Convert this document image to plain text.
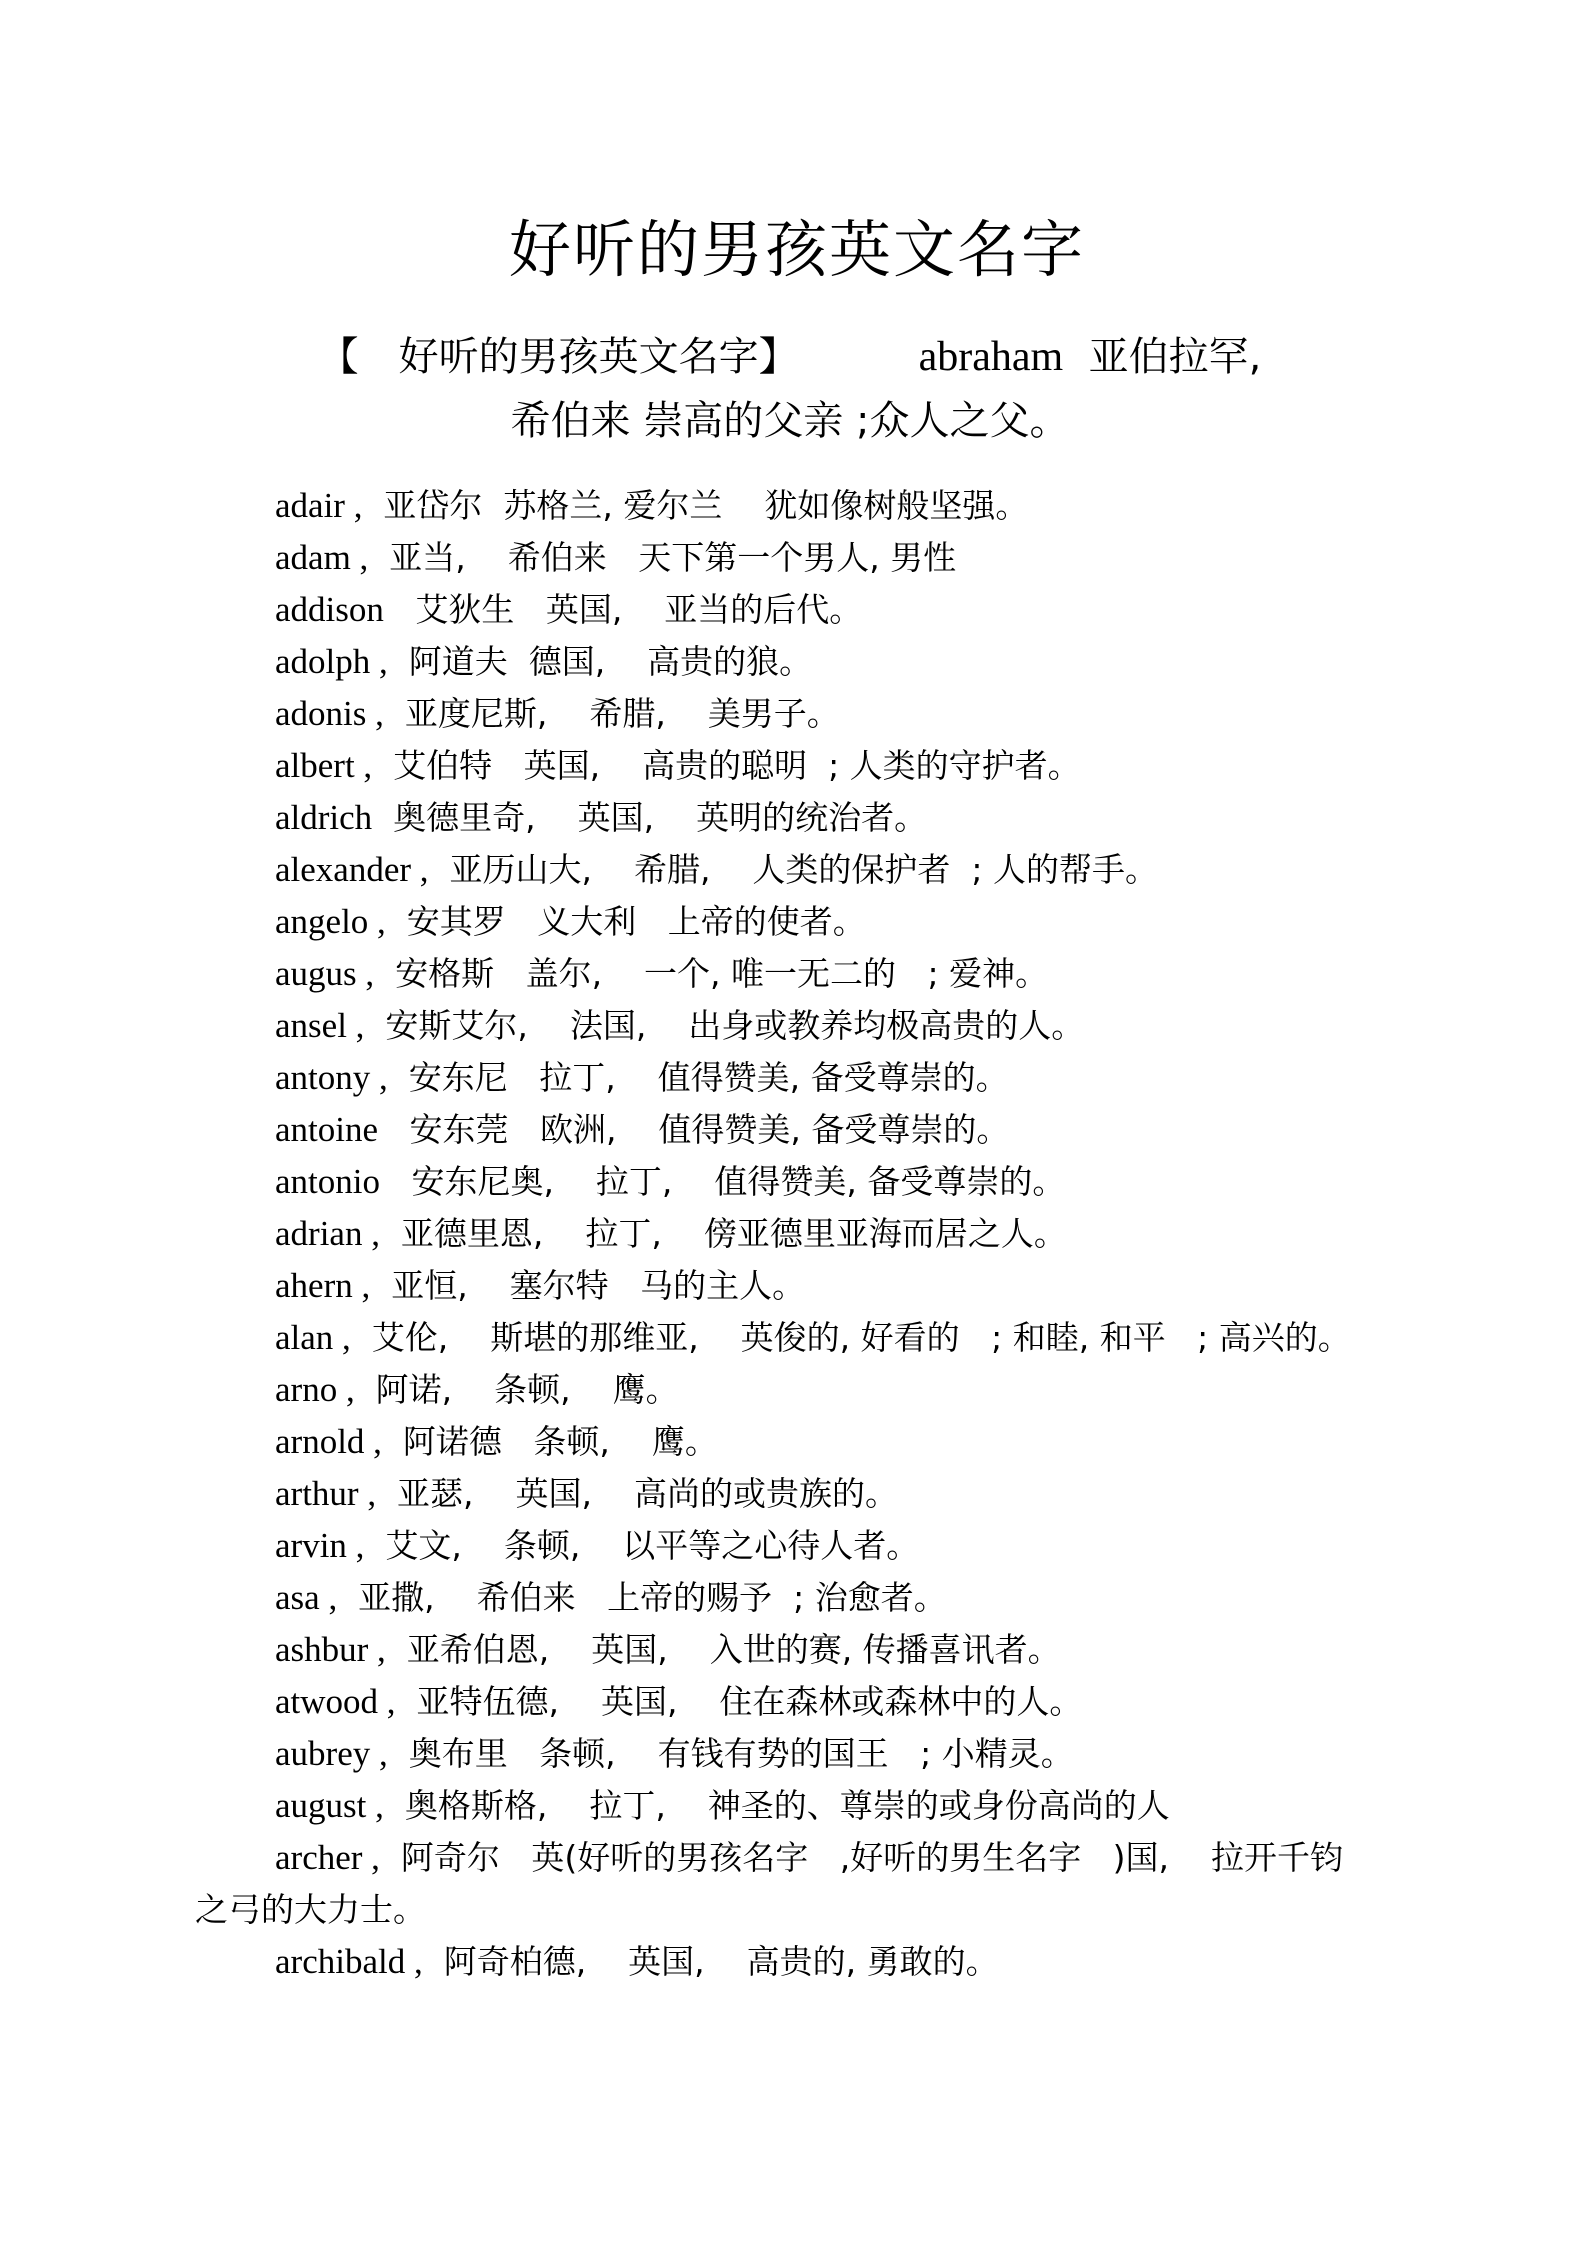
好听的男孩英文名字
【 好听的男孩英文名字】	abraham 亚伯拉罕,
希伯来 崇高的父亲 ;众人之父。
adair ,  亚岱尔  苏格兰, 爱尔兰    犹如像树般坚强。
adam ,  亚当,    希伯来   天下第一个男人, 男性
addison   艾狄生   英国,    亚当的后代。
adolph ,  阿道夫  德国,    高贵的狼。
adonis ,  亚度尼斯,    希腊,    美男子。
albert ,  艾伯特   英国,    高贵的聪明  ; 人类的守护者。
aldrich  奥德里奇,    英国,    英明的统治者。
alexander ,  亚历山大,    希腊,    人类的保护者  ; 人的帮手。
angelo ,  安其罗   义大利   上帝的使者。
augus ,  安格斯   盖尔,    一个, 唯一无二的   ; 爱神。
ansel ,  安斯艾尔,    法国,    出身或教养均极高贵的人。
antony ,  安东尼   拉丁,    值得赞美, 备受尊崇的。
antoine   安东莞   欧洲,    值得赞美, 备受尊崇的。
antonio   安东尼奥,    拉丁,    值得赞美, 备受尊崇的。
adrian ,  亚德里恩,    拉丁,    傍亚德里亚海而居之人。
ahern ,  亚恒,    塞尔特   马的主人。
alan ,  艾伦,    斯堪的那维亚,    英俊的, 好看的   ; 和睦, 和平   ; 高兴的。
arno ,  阿诺,    条顿,    鹰。
arnold ,  阿诺德   条顿,    鹰。
arthur ,  亚瑟,    英国,    高尚的或贵族的。
arvin ,  艾文,    条顿,    以平等之心待人者。
asa ,  亚撒,    希伯来   上帝的赐予  ; 治愈者。
ashbur ,  亚希伯恩,    英国,    入世的赛, 传播喜讯者。
atwood ,  亚特伍德,    英国,    住在森林或森林中的人。
aubrey ,  奥布里   条顿,    有钱有势的国王   ; 小精灵。
august ,  奥格斯格,    拉丁,    神圣的、尊崇的或身份高尚的人
archer ,  阿奇尔   英(好听的男孩名字   ,好听的男生名字   )国,    拉开千钧之弓的大力士。
archibald ,  阿奇柏德,    英国,    高贵的, 勇敢的。
